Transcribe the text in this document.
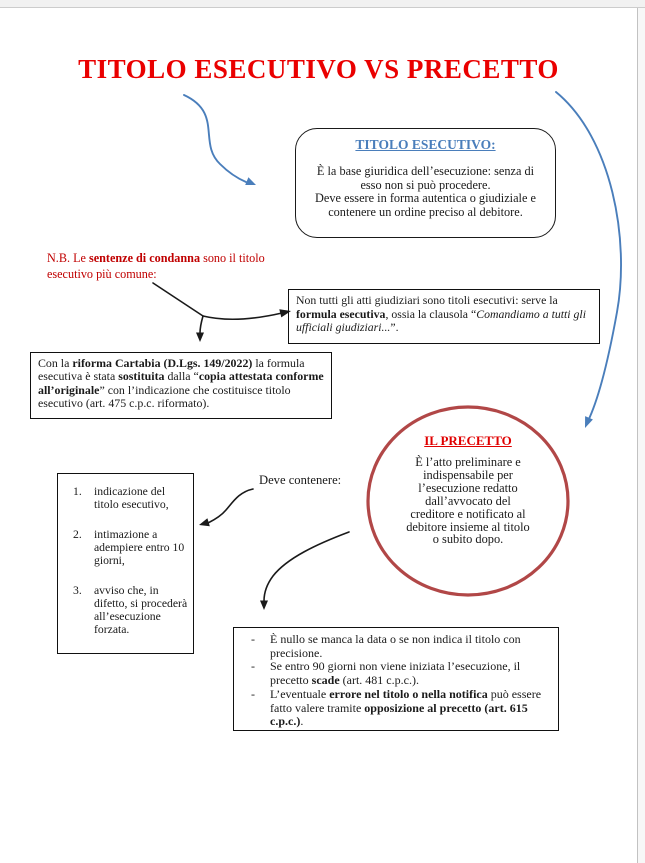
TITOLO ESECUTIVO VS PRECETTO
TITOLO ESECUTIVO:
È la base giuridica dell’esecuzione: senza di
esso non si può procedere.
Deve essere in forma autentica o giudiziale e
contenere un ordine preciso al debitore.
N.B. Le sentenze di condanna sono il titolo esecutivo più comune:
Non tutti gli atti giudiziari sono titoli esecutivi: serve la formula esecutiva, ossia la clausola “Comandiamo a tutti gli ufficiali giudiziari...”.
Con la riforma Cartabia (D.Lgs. 149/2022) la formula esecutiva è stata sostituita dalla “copia attestata conforme all’originale” con l’indicazione che costituisce titolo esecutivo (art. 475 c.p.c. riformato).
IL PRECETTO
È l’atto preliminare e
indispensabile per
l’esecuzione redatto
dall’avvocato del
creditore e notificato al
debitore insieme al titolo
o subito dopo.
Deve contenere:
1.	indicazione del titolo esecutivo,
2.	intimazione a adempiere entro 10 giorni,
3.	avviso che, in difetto, si procederà all’esecuzione forzata.
-	È nullo se manca la data o se non indica il titolo con precisione.
-	Se entro 90 giorni non viene iniziata l’esecuzione, il precetto scade (art. 481 c.p.c.).
-	L’eventuale errore nel titolo o nella notifica può essere fatto valere tramite opposizione al precetto (art. 615 c.p.c.).
